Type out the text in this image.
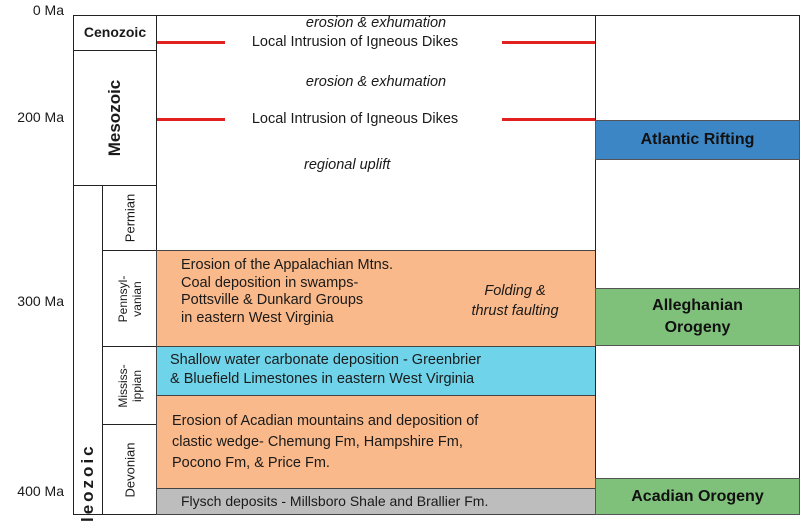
0 Ma
200 Ma
300 Ma
400 Ma
Cenozoic
Mesozoic
leozoic
Permian
Pennsyl- vanian
Mississ- ippian
Devonian
erosion & exhumation
Local Intrusion of Igneous Dikes
erosion & exhumation
Local Intrusion of Igneous Dikes
regional uplift
Erosion of the Appalachian Mtns.
Coal deposition in swamps-
Pottsville & Dunkard Groups
in eastern West Virginia
Folding &
thrust faulting
Shallow water carbonate deposition - Greenbrier
& Bluefield Limestones in eastern West Virginia
Erosion of Acadian mountains and deposition of
clastic wedge- Chemung Fm, Hampshire Fm,
Pocono Fm, & Price Fm.
Flysch deposits - Millsboro Shale and Brallier Fm.
Atlantic Rifting
Alleghanian
Orogeny
Acadian Orogeny
